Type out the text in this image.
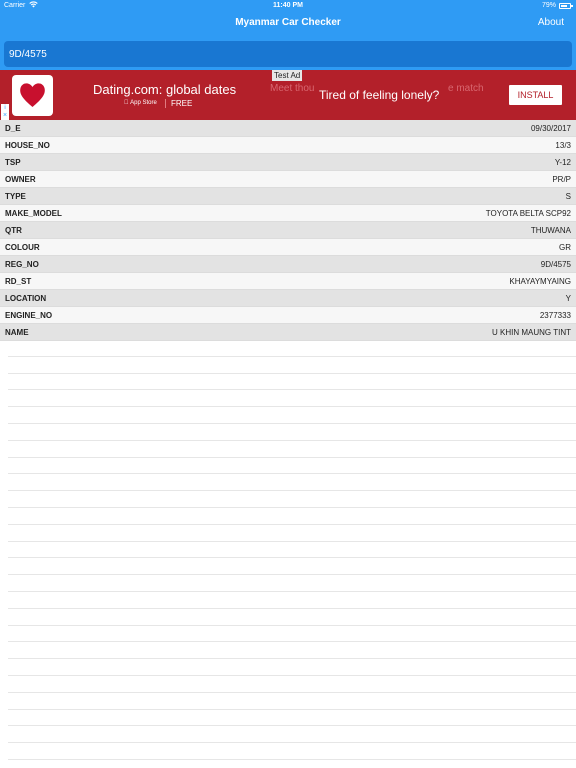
Carrier	11:40 PM	79%
Myanmar Car Checker	About
9D/4575
i
×
Test Ad
Meet thou	e match
Dating.com: global dates
App Store	FREE
Tired of feeling lonely?	INSTALL
D_E	09/30/2017
HOUSE_NO	13/3
TSP	Y-12
OWNER	PR/P
TYPE	S
MAKE_MODEL	TOYOTA BELTA SCP92
QTR	THUWANA
COLOUR	GR
REG_NO	9D/4575
RD_ST	KHAYAYMYAING
LOCATION	Y
ENGINE_NO	2377333
NAME	U KHIN MAUNG TINT
